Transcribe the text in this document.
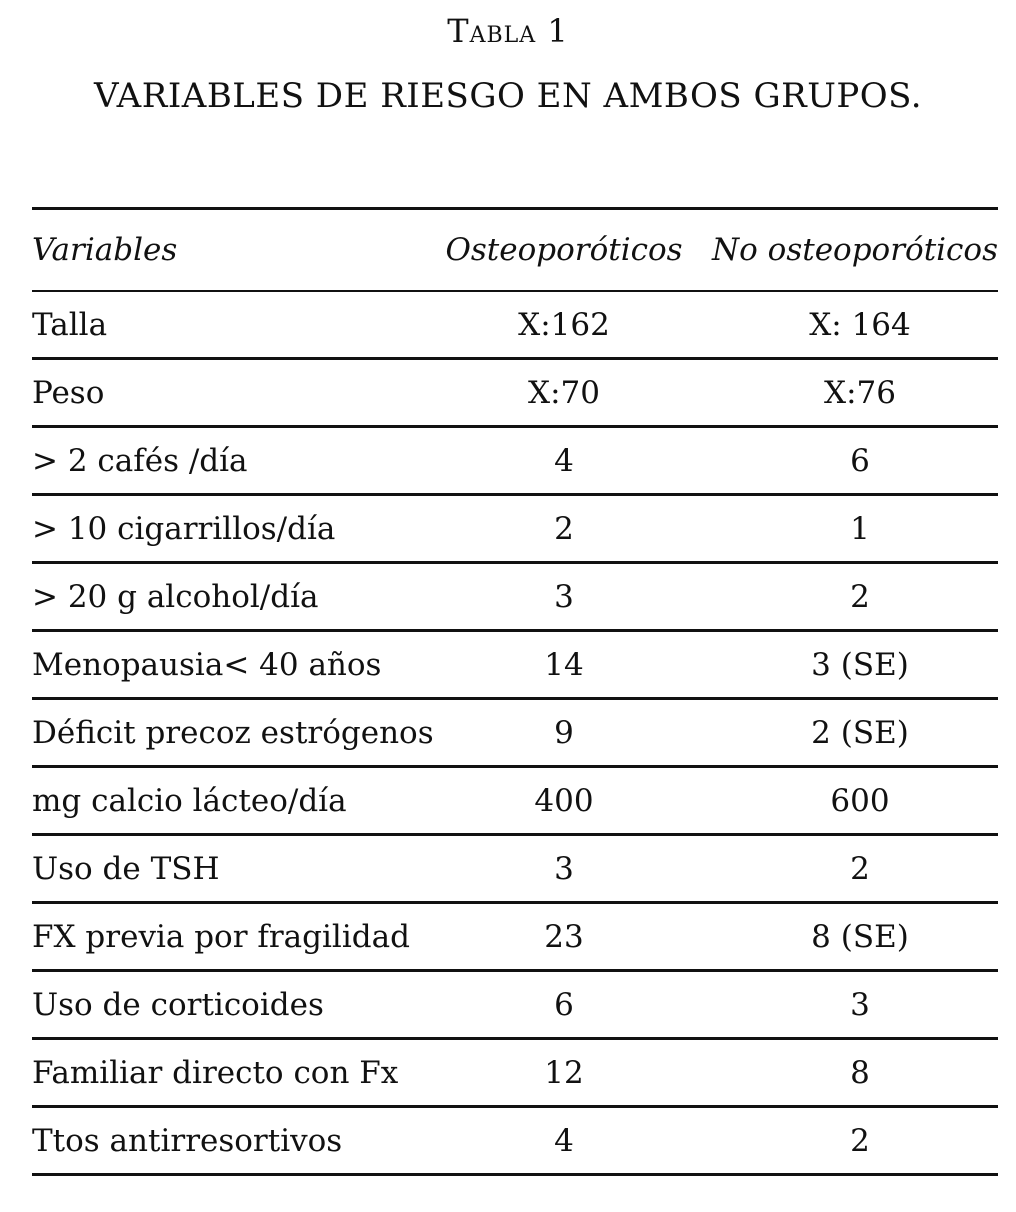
Tabla 1
VARIABLES DE RIESGO EN AMBOS GRUPOS.
Variables	Osteoporóticos	No osteoporóticos
Talla	X:162	X: 164
Peso	X:70	X:76
> 2 cafés /día	4	6
> 10 cigarrillos/día	2	1
> 20 g alcohol/día	3	2
Menopausia< 40 años	14	3 (SE)
Déficit precoz estrógenos	9	2 (SE)
mg calcio lácteo/día	400	600
Uso de TSH	3	2
FX previa por fragilidad	23	8 (SE)
Uso de corticoides	6	3
Familiar directo con Fx	12	8
Ttos antirresortivos	4	2
